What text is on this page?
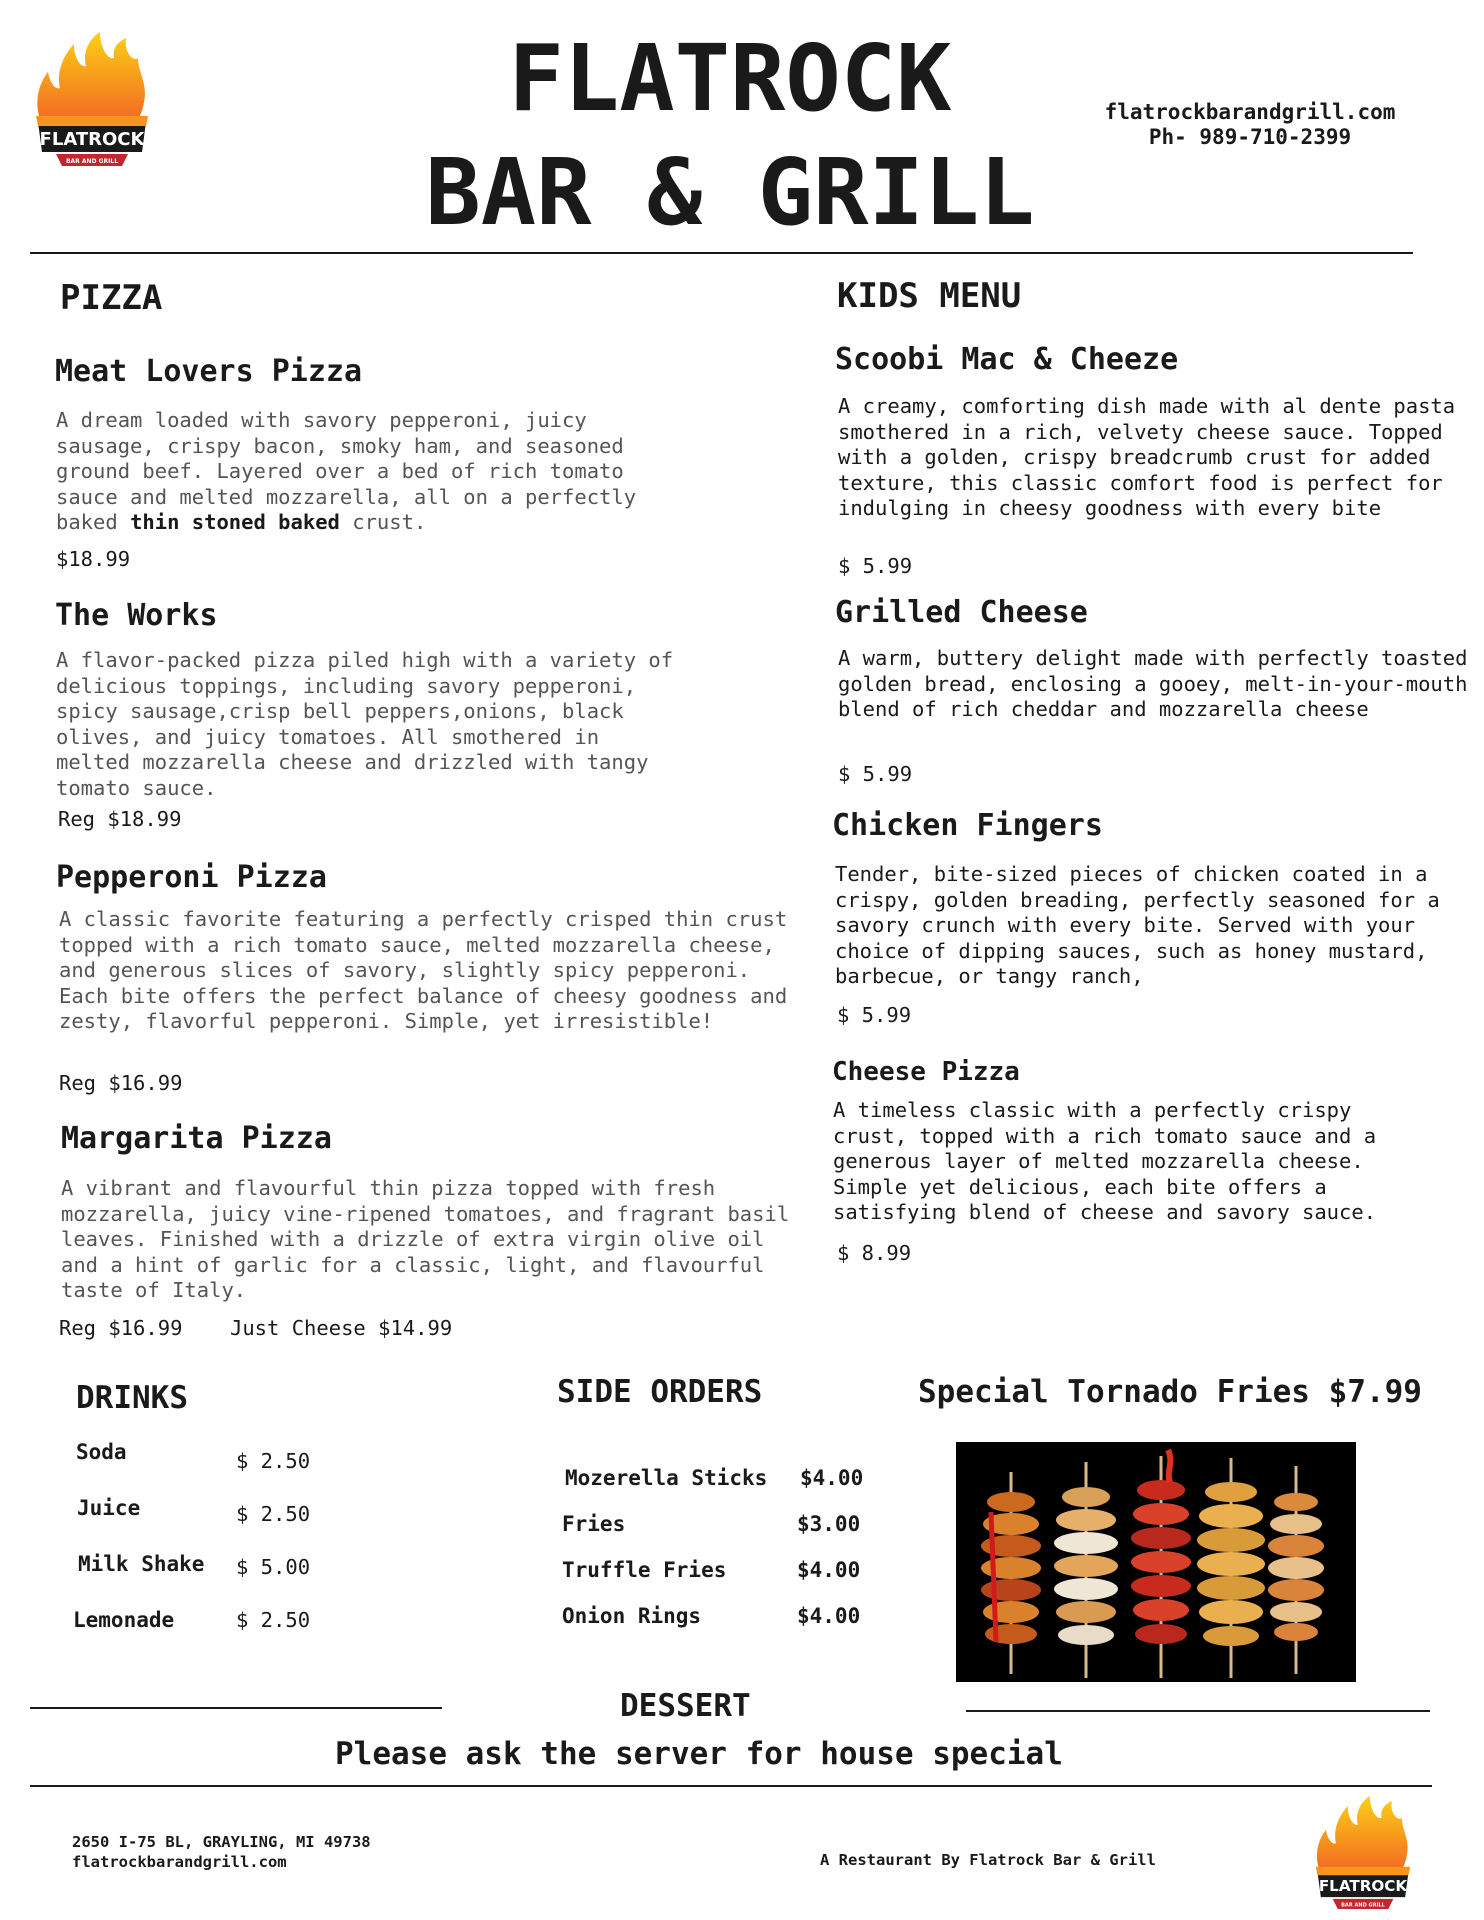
FLATROCK
BAR AND GRILL
FLATROCK
BAR & GRILL
flatrockbarandgrill.com
Ph- 989-710-2399
PIZZA
Meat Lovers Pizza
A dream loaded with savory pepperoni, juicy sausage, crispy bacon, smoky ham, and seasoned ground beef. Layered over a bed of rich tomato sauce and melted mozzarella, all on a perfectly baked thin stoned baked crust.
$18.99
The Works
A flavor-packed pizza piled high with a variety of delicious toppings, including savory pepperoni, spicy sausage,crisp bell peppers,onions, black olives, and juicy tomatoes. All smothered in melted mozzarella cheese and drizzled with tangy tomato sauce.
Reg $18.99
Pepperoni Pizza
A classic favorite featuring a perfectly crisped thin crust topped with a rich tomato sauce, melted mozzarella cheese, and generous slices of savory, slightly spicy pepperoni. Each bite offers the perfect balance of cheesy goodness and zesty, flavorful pepperoni. Simple, yet irresistible!
Reg $16.99
Margarita Pizza
A vibrant and flavourful thin pizza topped with fresh mozzarella, juicy vine-ripened tomatoes, and fragrant basil leaves. Finished with a drizzle of extra virgin olive oil and a hint of garlic for a classic, light, and flavourful taste of Italy.
Reg $16.99 Just Cheese $14.99
KIDS MENU
Scoobi Mac & Cheeze
A creamy, comforting dish made with al dente pasta smothered in a rich, velvety cheese sauce. Topped with a golden, crispy breadcrumb crust for added texture, this classic comfort food is perfect for indulging in cheesy goodness with every bite
$ 5.99
Grilled Cheese
A warm, buttery delight made with perfectly toasted golden bread, enclosing a gooey, melt-in-your-mouth blend of rich cheddar and mozzarella cheese
$ 5.99
Chicken Fingers
Tender, bite-sized pieces of chicken coated in a crispy, golden breading, perfectly seasoned for a savory crunch with every bite. Served with your choice of dipping sauces, such as honey mustard, barbecue, or tangy ranch,
$ 5.99
Cheese Pizza
A timeless classic with a perfectly crispy crust, topped with a rich tomato sauce and a generous layer of melted mozzarella cheese. Simple yet delicious, each bite offers a satisfying blend of cheese and savory sauce.
$ 8.99
DRINKS
Soda	$ 2.50
Juice	$ 2.50
Milk Shake $ 5.00
Lemonade	$ 2.50
SIDE ORDERS
Mozerella Sticks $4.00
Fries	$3.00
Truffle Fries	$4.00
Onion Rings	$4.00
Special Tornado Fries $7.99
DESSERT
Please ask the server for house special
2650 I-75 BL, GRAYLING, MI 49738
flatrockbarandgrill.com	A Restaurant By Flatrock Bar & Grill
FLATROCK
BAR AND GRILL
